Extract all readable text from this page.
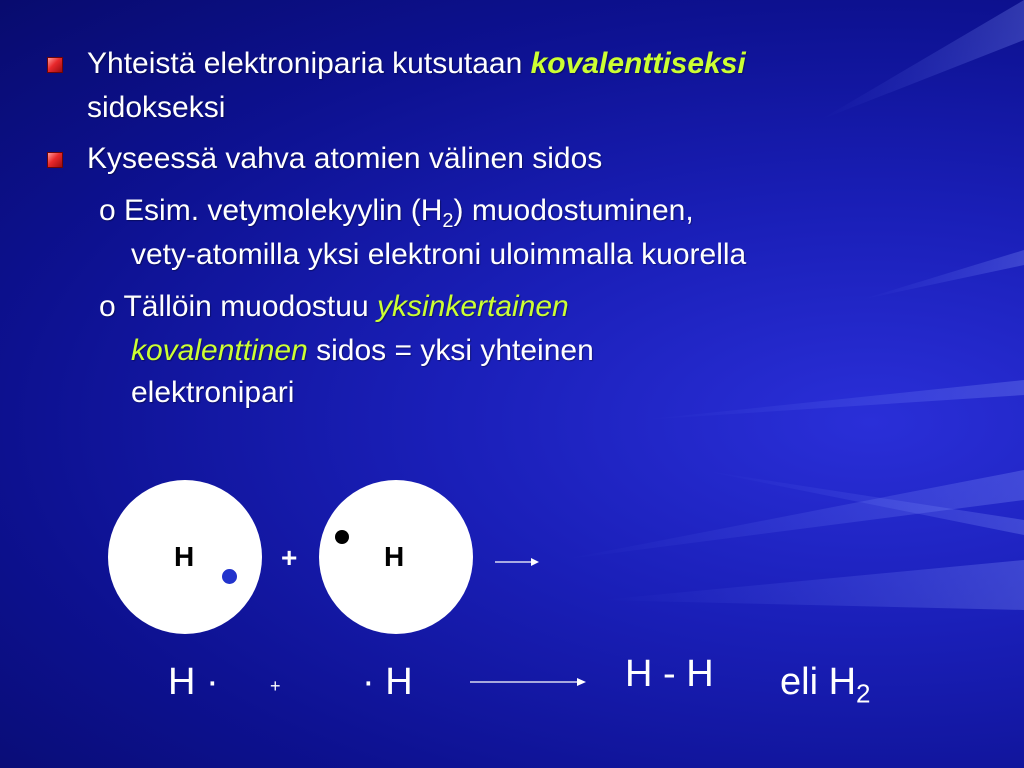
Yhteistä elektroniparia kutsutaan kovalenttiseksi
sidokseksi
Kyseessä vahva atomien välinen sidos
o Esim. vetymolekyylin $(H_2)$ muodostuminen,
vety-atomilla yksi elektroni uloimmalla kuorella
o Tällöin muodostuu yksinkertainen
kovalenttinen sidos = yksi yhteinen
elektronipari
H	+	H
H ·	+ · H	H - H eli $H_2$
